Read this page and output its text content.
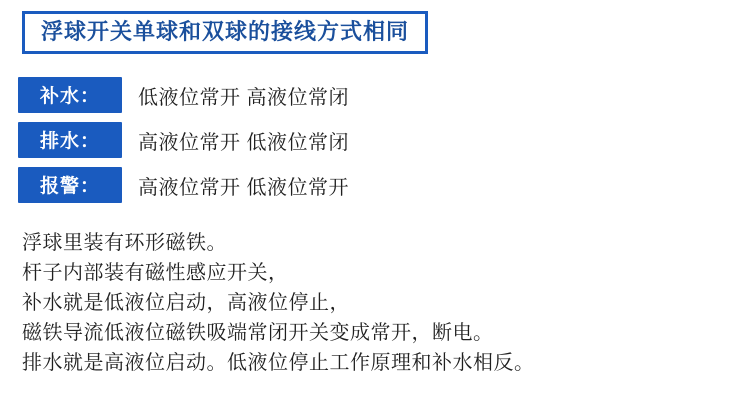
浮球开关单球和双球的接线方式相同
补水：	低液位常开 高液位常闭
排水：	高液位常开 低液位常闭
报警：	高液位常开 低液位常开
浮球里装有环形磁铁。
杆子内部装有磁性感应开关，
补水就是低液位启动，高液位停止，
磁铁导流低液位磁铁吸端常闭开关变成常开，断电。
排水就是高液位启动。低液位停止工作原理和补水相反。
